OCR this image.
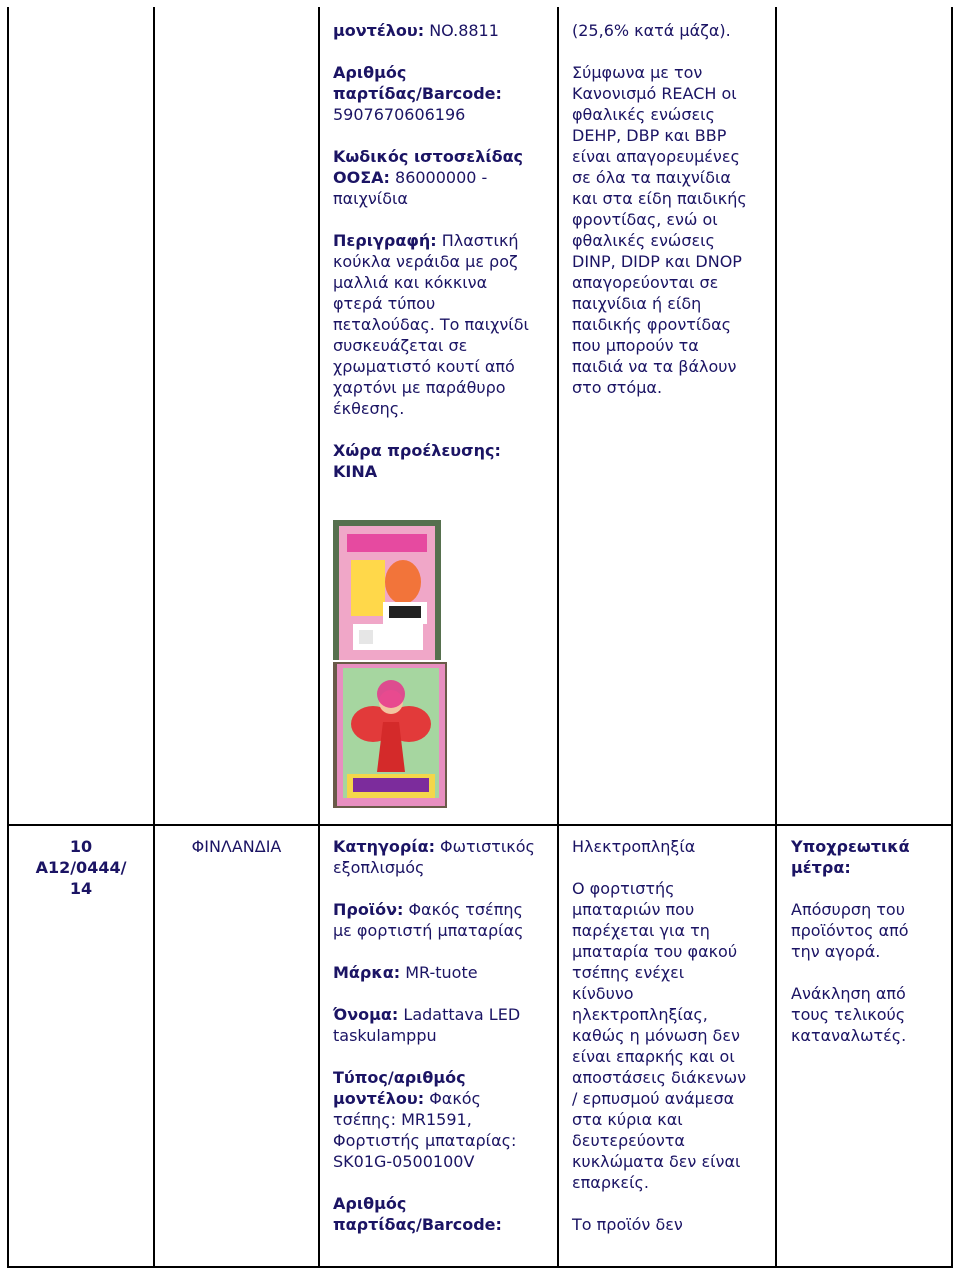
μοντέλου: NO.8811

Αριθμός

παρτίδας/Barcode:

5907670606196

Κωδικός ιστοσελίδας

ΟΟΣΑ: 86000000 -

παιχνίδια

Περιγραφή: Πλαστική

κούκλα νεράιδα με ροζ

μαλλιά και κόκκινα

φτερά τύπου

πεταλούδας. Το παιχνίδι

συσκευάζεται σε

χρωματιστό κουτί από

χαρτόνι με παράθυρο

έκθεσης.

Χώρα προέλευσης:

ΚΙΝΑ

(25,6% κατά μάζα).

Σύμφωνα με τον

Κανονισμό REACH οι

φθαλικές ενώσεις

DEHP, DBP και BBP

είναι απαγορευμένες

σε όλα τα παιχνίδια

και στα είδη παιδικής

φροντίδας, ενώ οι

φθαλικές ενώσεις

DINP, DIDP και DNOP

απαγορεύονται σε

παιχνίδια ή είδη

παιδικής φροντίδας

που μπορούν τα

παιδιά να τα βάλουν

στο στόμα.

10

A12/0444/

14

ΦΙΝΛΑΝΔΙΑ	Κατηγορία: Φωτιστικός

εξοπλισμός

Προϊόν: Φακός τσέπης

με φορτιστή μπαταρίας

Μάρκα: MR-tuote

Όνομα: Ladattava LED

taskulamppu

Τύπος/αριθμός

μοντέλου: Φακός

τσέπης: MR1591,

Φορτιστής μπαταρίας:

SK01G-0500100V

Αριθμός

παρτίδας/Barcode:

Ηλεκτροπληξία

Ο φορτιστής

μπαταριών που

παρέχεται για τη

μπαταρία του φακού

τσέπης ενέχει

κίνδυνο

ηλεκτροπληξίας,

καθώς η μόνωση δεν

είναι επαρκής και οι

αποστάσεις διάκενων

/ ερπυσμού ανάμεσα

στα κύρια και

δευτερεύοντα

κυκλώματα δεν είναι

επαρκείς.

Το προϊόν δεν

Υποχρεωτικά

μέτρα:

Απόσυρση του

προϊόντος από

την αγορά.

Ανάκληση από

τους τελικούς

καταναλωτές.
